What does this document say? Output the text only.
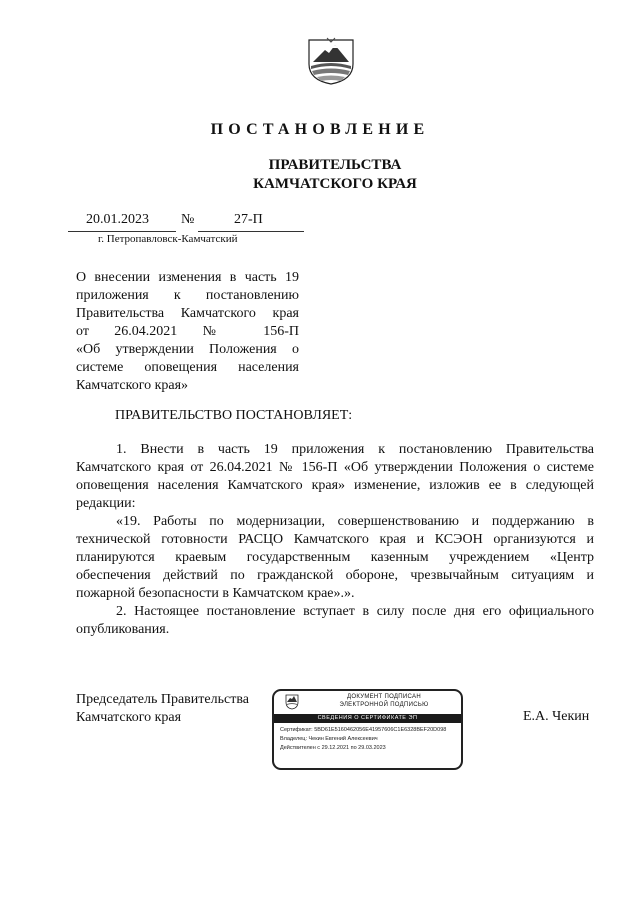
ПОСТАНОВЛЕНИЕ
ПРАВИТЕЛЬСТВА
КАМЧАТСКОГО КРАЯ
20.01.2023 №	27-П
г. Петропавловск-Камчатский
О внесении изменения в часть 19
приложения к постановлению
Правительства Камчатского края
от 26.04.2021 № 156-П
«Об утверждении Положения о
системе оповещения населения
Камчатского края»
ПРАВИТЕЛЬСТВО ПОСТАНОВЛЯЕТ:
1. Внести в часть 19 приложения к постановлению Правительства
Камчатского края от 26.04.2021 № 156-П «Об утверждении Положения о системе
оповещения населения Камчатского края» изменение, изложив ее в следующей
редакции:
«19. Работы по модернизации, совершенствованию и поддержанию в
технической готовности РАСЦО Камчатского края и КСЭОН организуются и
планируются краевым государственным казенным учреждением «Центр
обеспечения действий по гражданской обороне, чрезвычайным ситуациям и
пожарной безопасности в Камчатском крае».».
2. Настоящее постановление вступает в силу после дня его официального
опубликования.
Председатель Правительства
Камчатского края	Е.А. Чекин
ДОКУМЕНТ ПОДПИСАН
ЭЛЕКТРОННОЙ ПОДПИСЬЮ
СВЕДЕНИЯ О СЕРТИФИКАТЕ ЭП
Сертификат: 5BD61E5160462056E41957606C1E6328BEF20D098
Владелец: Чекин Евгений Алексеевич
Действителен с 29.12.2021 по 29.03.2023
